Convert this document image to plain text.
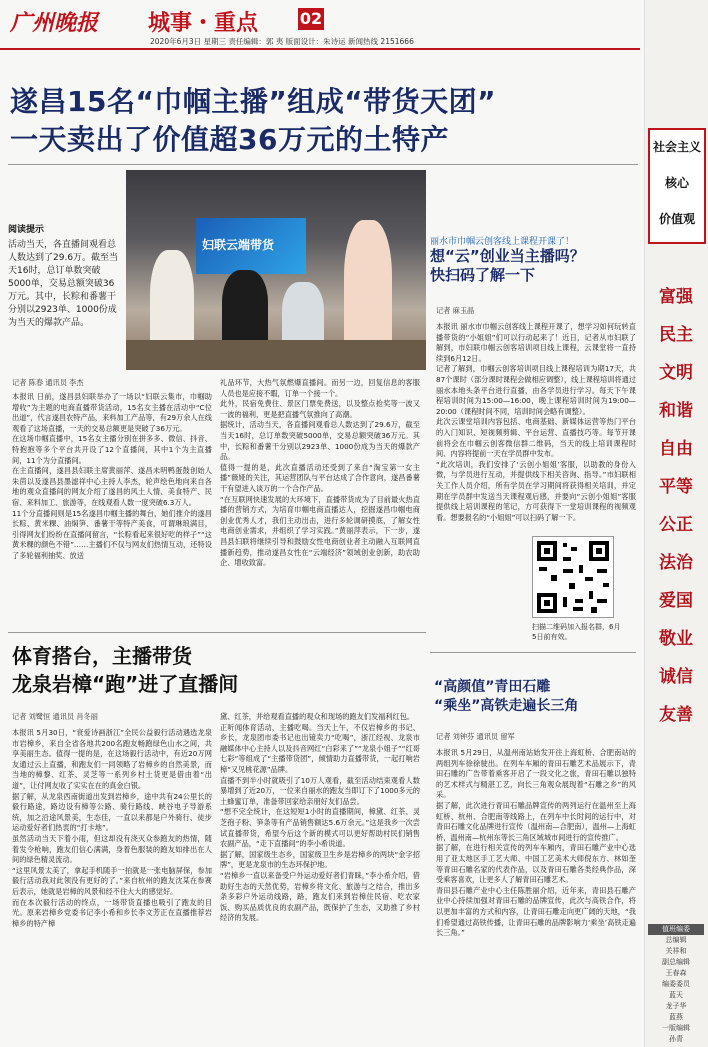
广州晚报 城事・重点	02
2020年6月3日 星期三 责任编辑：郭 夷 版面设计：朱诗运 新闻热线 2151666
遂昌15名“巾帼主播”组成“带货天团”
一天卖出了价值超36万元的土特产
阅读提示
活动当天，各直播间观看总人数达到了29.6万。截至当天16时，总订单数突破5000单，交易总额突破36万元。其中，长粽和番薯干分别以2923单、1000份成为当天的爆款产品。
妇联云端带货
记者 陈春 通讯员 李杰
本报讯 日前，遂昌县妇联举办了一场以“妇联云集市，巾帼助增收”为主题的电商直播带货活动，15名女主播在活动中“C位出道”，代言遂昌农特产品，来料加工产品等，有29万余人在线观看了这场直播，一天的交易总额更是突破了36万元。
在这场巾帼直播中，15名女主播分别在拼多多、微信、抖音、特抱抱等多个平台共开设了12个直播间，其中1个为主直播间，11个为分直播间。
在主直播间，遂昌县妇联主席黄丽萍、遂昌未明鸭蛋鼓创始人朱茵以及遂昌县墨滤祥中心主持人李杰，轮声绘色地向来自各地的观众直播间的网友介绍了遂昌的风土人情、美食特产、民宿、来料加工、旅游等，在线观看人数一度突破6.3万人。
11个分直播间则是15名遂昌巾帼主播的舞台，她们推介的遂昌长粽、黄米粿、油焖笋、番薯干等特产美食，可谓琳琅满目，引得网友们纷纷在直播间留言，“长粽看起来很好吃的样子”“这黄米粿的颜色不错”……主播们不仅与网友们热情互动，还特设了多轮福利抽奖、放送
礼品环节，大热气氛燃爆直播间。而另一边，回复信息的客服人员也是应接不暇，订单一个接一个。
此外，民宿免费住、景区门票免费送，以及整点抢奖等一波又一波的福利，更是把直播气氛推向了高潮。
据统计，活动当天，各直播间观看总人数达到了29.6万，截至当天16时，总订单数突破5000单，交易总额突破36万元。其中，长粽和番薯干分别以2923单、1000份成为当天的爆款产品。
值得一提的是，此次直播活动还受到了来自“淘宝第一女主播”薇娅的关注，其运营团队与平台达成了合作意向，遂昌番薯干有望进入谈万的一个合作产品。
“在互联网快速发展的大环境下，直播带货成为了目前最火热直播的营销方式，为培育巾帼电商直播达人，挖掘遂昌巾帼电商创业优秀人才，我们主动出击，进行多轮调研摸底，了解女性电商创业需求，并组织了学习实践。”黄丽萍表示，下一步，遂昌县妇联将继续引导和鼓励女性电商创业者主动融入互联网直播新趋势，推动遂昌女性在“云端经济”领域创业创新，助农助企、增收致富。
丽水市巾帼云创客线上课程开课了！
想“云”创业当主播吗？
快扫码了解一下
记者 麻玉晶
本报讯 丽水市巾帼云创客线上课程开课了，想学习如何玩转直播带货的“小姐姐”们可以行动起来了！近日，记者从市妇联了解到，市妇联巾帼云创客培训项目线上课程，云课堂将一直持续到6月12日。
记者了解到，巾帼云创客培训项目线上课程培训为期17天，共87个课时（部分课时课程会做相应调整），线上课程培训将通过丽水本地头条平台进行直播，由各学员进行学习。每天下午课程培训时间为15:00—16:00，晚上课程培训时间为19:00—20:00（课程时间不同，培训时间会略有调整）。
此次云课堂培训内容包括、电商基础、新媒体运营等热门平台的入门知识、短视频剪辑、平台运营、直播技巧等。每节开课前将会在巾帼云创客微信群二维码，当天的线上培训课程时间、内容将提前一天在学员群中发布。
“此次培训，我们安排了‘云创小姐姐’客服，以助教的身份入微，与学员进行互动，并提供线下相关咨询、指导。”市妇联相关工作人员介绍，所有学员在学习期间将获得相关培训，并定期在学员群中发送当天课程观后感，并要向“云创小姐姐”客服提供线上培训课程的笔记，方可获得下一堂培训课程的视频观看。想要报名的“小姐姐”可以扫码了解一下。
扫描二维码加入报名群，6月5日前有效。
“高颜值”青田石雕
“乘坐”高铁走遍长三角
记者 刘钟芬 通讯员 留军
本报讯 5月29日，从温州南站始发开往上海虹桥、合肥南站的两组列车徐徐驶出。在列车车厢的青田石雕艺术品展示下，青田石雕的广告带着乘客开启了一段文化之旅，青田石雕以独特的艺术样式与精湛工艺，向长三角观众展现着“石雕之乡”的风采。
据了解，此次进行青田石雕品牌宣传的两列运行在温州至上海虹桥、杭州、合肥南等线路上，在列车中长时间的运行中，对青田石雕文化品牌进行宣传（温州南—合肥南），温州—上海虹桥，温州南—杭州东等长三角区域城市间进行的宣传推广。
据了解，在进行相关宣传的列车车厢内，青田石雕产业中心选用了亚太地区手工艺大师、中国工艺美术大师倪东方、林如奎等青田石雕名家的代表作品，以及青田石雕各类经典作品，深受乘客喜欢，让更多人了解青田石雕艺术。
青田县石雕产业中心主任陈胜丽介绍，近年来，青田县石雕产业中心持续加强对青田石雕的品牌宣传，此次与高铁合作，将以更加丰富的方式和内容，让青田石雕走向更广阔的天地，“我们希望通过高铁传播，让青田石雕的品牌影响力‘乘坐’高铁走遍长三角。”
体育搭台，主播带货
龙泉岩樟“跑”进了直播间
记者 刘鹭恒 通讯员 肖冬丽
本报讯 5月30日，“衰爱诗画浙江”全民公益毅行活动遇选龙泉市岩樟乡，来自全省各地共200名跑友畅跑绿色山水之间，共享美丽生态。值得一提的是，在这场毅行活动中，有近20万网友通过云上直播，和跑友们一同领略了岩樟乡的自然美景，而当地的樟黎、红茶、灵芝等一系列乡村土货更是借由着“出道”，让付网友收了实实在在的真金白银。
据了解，从龙泉西南街道出发到岩樟乡，途中共有24公里长的毅行路途，路边设有樟等公路、骑行路线、峡谷电子导游系统，加之沿途风景美，生态佳，一直以来都是户外骑行、徒步运动爱好者们热衷的“打卡地”。
虽然活动当天下着小雨，但这却没有浇灭众参跑友的热情，随着发令枪响，跑友们信心满满，身着色服装的跑友如排出在人间的绿色精灵流动。
“这里风景太美了，拿起手机随手一拍就是一张电脑屏保，参加毅行活动我对此领没有更好的了。”来自杭州的跑友沈某在参赛后表示，她就是岩樟的风景和经不住大大的感觉好。
而在本次毅行活动的终点，一场带货直播也吸引了跑友的目光。原来岩樟乡党委书记李小希和乡长李文芳正在直播推荐岩樟乡的特产樟
黛、红茶，并给观看直播的观众和现场的跑友们发福利红包。
正听闻体育活动，主播吃喝。当天上午，不仅岩樟乡的书记、乡长，龙泉团市委书记也出镜卖力“吃喝”，浙江经视、龙泉市融媒体中心主持人以及抖音网红“白彩来了”“龙泉小姐子”“红哥七彩”等组成了“主播带货团”，倾情助力直播带货，一起打响岩樟“又见桃花源”品牌。
直播不到半小时就吸引了10万人观看，截至活动结束观看人数暴增到了近20万，一位来自丽水的跑友当即订下了1000多元的土蜂蜜订单，准备带回家给亲朋好友们品尝。
“想不完全统计，在这短短1小时的直播期间，樟黛、红茶、灵芝孢子粉、笋条等有产品销售额达5.6万余元。”这是我乡一次尝试直播带货，希望今后这个新的模式可以更好帮助村民们销售农副产品，“走下直播间”的李小希说道。
据了解，国家级生态乡，国家级卫生乡是岩樟乡的两块“金字招牌”，更是龙泉市的生态环保护地。
“岩樟乡一直以来备受户外运动爱好者们青睐，”李小希介绍，借助好生态的天然优势，岩樟乡将文化、旅游与之结合，推出多条多彩户外运动线路，路，跑友们来到岩樟住民宿、吃农家饭、购买品质优良的农副产品，既保护了生态，又助推了乡村经济的发展。
社会主义
核心
价值观
富强
民主
文明
和谐
自由
平等
公正
法治
爱国
敬业
诚信
友善
值班编委
总编辑
关祥和
副总编辑
王春森
编委委员
蓝天
龙子华
蓝燕
一版编辑
孙青
